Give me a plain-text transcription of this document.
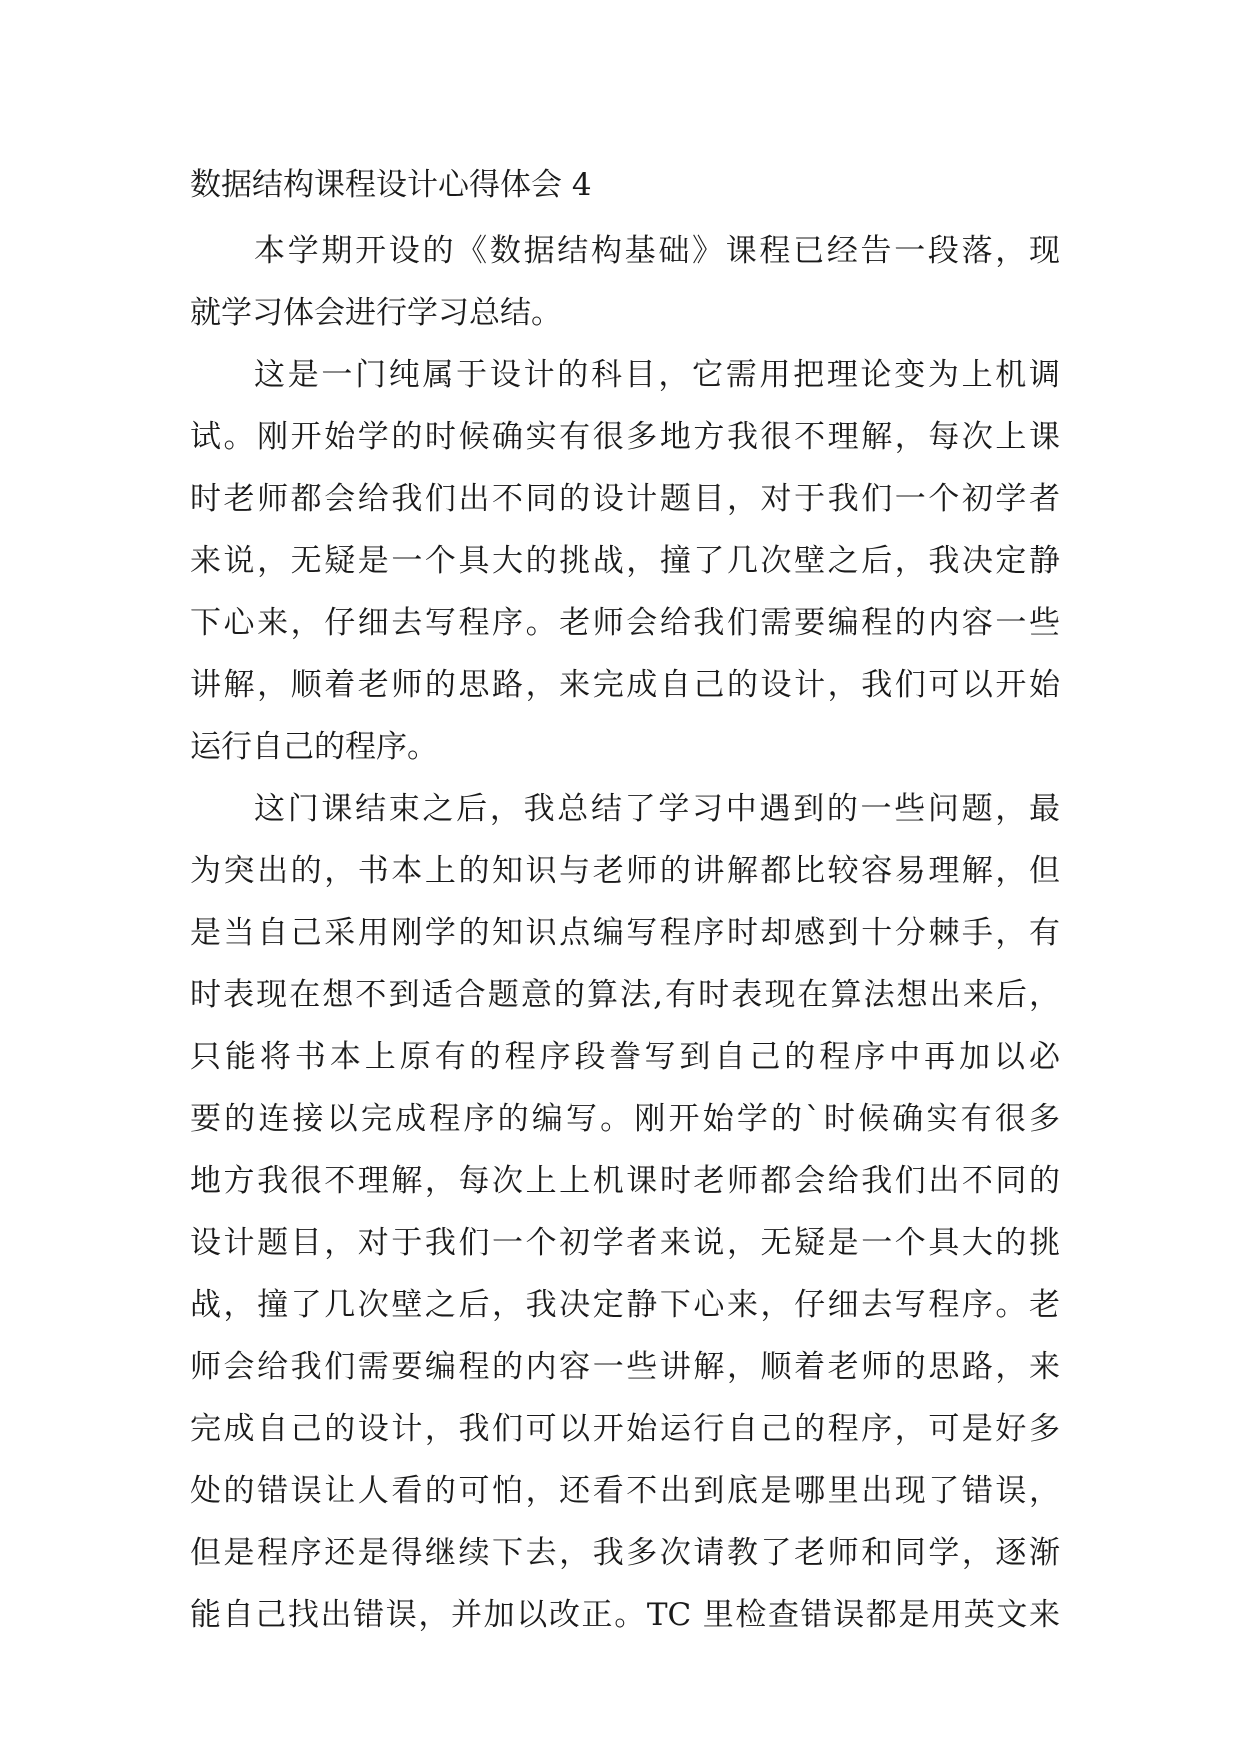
数据结构课程设计心得体会 4
本学期开设的《数据结构基础》课程已经告一段落，现
就学习体会进行学习总结。
这是一门纯属于设计的科目，它需用把理论变为上机调
试。刚开始学的时候确实有很多地方我很不理解，每次上课
时老师都会给我们出不同的设计题目，对于我们一个初学者
来说，无疑是一个具大的挑战，撞了几次壁之后，我决定静
下心来，仔细去写程序。老师会给我们需要编程的内容一些
讲解，顺着老师的思路，来完成自己的设计，我们可以开始
运行自己的程序。
这门课结束之后，我总结了学习中遇到的一些问题，最
为突出的，书本上的知识与老师的讲解都比较容易理解，但
是当自己采用刚学的知识点编写程序时却感到十分棘手，有
时表现在想不到适合题意的算法,有时表现在算法想出来后，
只能将书本上原有的程序段誊写到自己的程序中再加以必
要的连接以完成程序的编写。刚开始学的`时候确实有很多
地方我很不理解，每次上上机课时老师都会给我们出不同的
设计题目，对于我们一个初学者来说，无疑是一个具大的挑
战，撞了几次壁之后，我决定静下心来，仔细去写程序。老
师会给我们需要编程的内容一些讲解，顺着老师的思路，来
完成自己的设计，我们可以开始运行自己的程序，可是好多
处的错误让人看的可怕，还看不出到底是哪里出现了错误，
但是程序还是得继续下去，我多次请教了老师和同学，逐渐
能自己找出错误，并加以改正。TC 里检查错误都是用英文来
